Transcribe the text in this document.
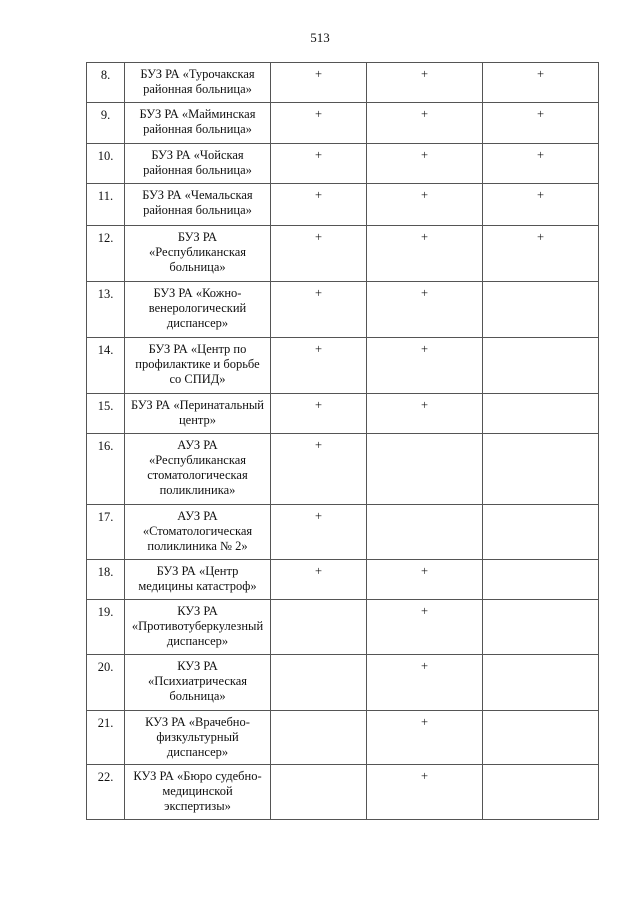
513
8.	БУЗ РА «Турочакская районная больница»	+	+	+
9.	БУЗ РА «Майминская районная больница»	+	+	+
10.	БУЗ РА «Чойская районная больница»	+	+	+
11.	БУЗ РА «Чемальская районная больница»	+	+	+
12.	БУЗ РА «Республиканская больница»	+	+	+
13.	БУЗ РА «Кожно-венерологический диспансер»	+	+	
14.	БУЗ РА «Центр по профилактике и борьбе со СПИД»	+	+	
15.	БУЗ РА «Перинатальный центр»	+	+	
16.	АУЗ РА «Республиканская стоматологическая поликлиника»	+		
17.	АУЗ РА «Стоматологическая поликлиника № 2»	+		
18.	БУЗ РА «Центр медицины катастроф»	+	+	
19.	КУЗ РА «Противотуберкулезный диспансер»		+	
20.	КУЗ РА «Психиатрическая больница»		+	
21.	КУЗ РА «Врачебно-физкультурный диспансер»		+	
22.	КУЗ РА «Бюро судебно-медицинской экспертизы»		+	
